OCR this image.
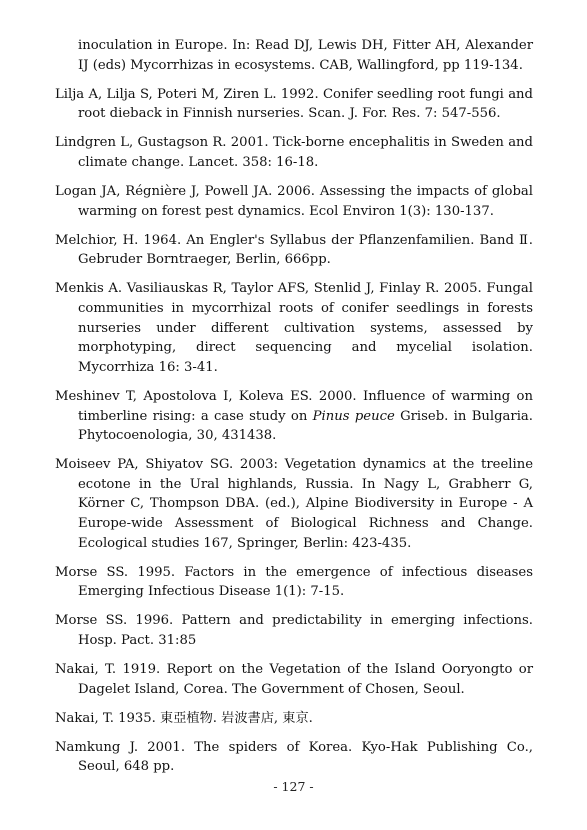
inoculation in Europe. In: Read DJ, Lewis DH, Fitter AH, Alexander IJ (eds) Mycorrhizas in ecosystems. CAB, Wallingford, pp 119-134.
Lilja A, Lilja S, Poteri M, Ziren L. 1992. Conifer seedling root fungi and root dieback in Finnish nurseries. Scan. J. For. Res. 7: 547-556.
Lindgren L, Gustagson R. 2001. Tick-borne encephalitis in Sweden and climate change. Lancet. 358: 16-18.
Logan JA, Régnière J, Powell JA. 2006. Assessing the impacts of global warming on forest pest dynamics. Ecol Environ 1(3): 130-137.
Melchior, H. 1964. An Engler's Syllabus der Pflanzenfamilien. Band Ⅱ. Gebruder Borntraeger, Berlin, 666pp.
Menkis A. Vasiliauskas R, Taylor AFS, Stenlid J, Finlay R. 2005. Fungal communities in mycorrhizal roots of conifer seedlings in forests nurseries under different cultivation systems, assessed by morphotyping, direct sequencing and mycelial isolation. Mycorrhiza 16: 3-41.
Meshinev T, Apostolova I, Koleva ES. 2000. Influence of warming on timberline rising: a case study on Pinus peuce Griseb. in Bulgaria. Phytocoenologia, 30, 431438.
Moiseev PA, Shiyatov SG. 2003: Vegetation dynamics at the treeline ecotone in the Ural highlands, Russia. In Nagy L, Grabherr G, Körner C, Thompson DBA. (ed.), Alpine Biodiversity in Europe - A Europe-wide Assessment of Biological Richness and Change. Ecological studies 167, Springer, Berlin: 423-435.
Morse SS. 1995. Factors in the emergence of infectious diseases Emerging Infectious Disease 1(1): 7-15.
Morse SS. 1996. Pattern and predictability in emerging infections. Hosp. Pact. 31:85
Nakai, T. 1919. Report on the Vegetation of the Island Ooryongto or Dagelet Island, Corea. The Government of Chosen, Seoul.
Nakai, T. 1935. 東亞植物. 岩波書店, 東京.
Namkung J. 2001. The spiders of Korea. Kyo-Hak Publishing Co., Seoul, 648 pp.
- 127 -
